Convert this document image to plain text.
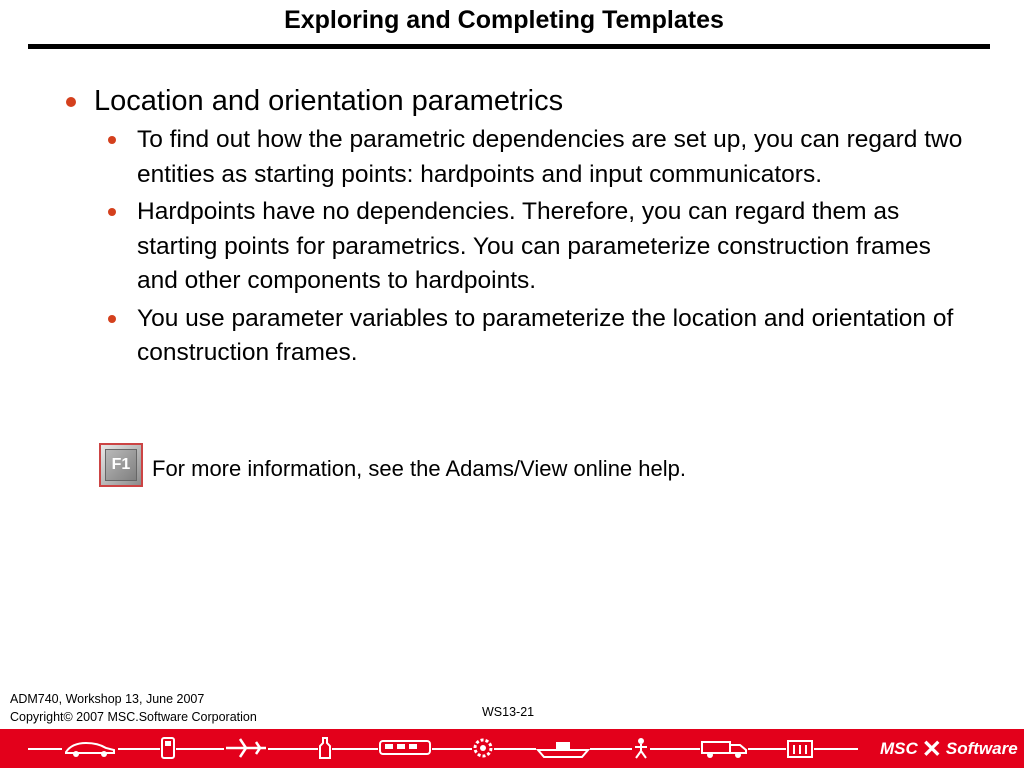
Exploring and Completing Templates
Location and orientation parametrics
To find out how the parametric dependencies are set up, you can regard two entities as starting points: hardpoints and input communicators.
Hardpoints have no dependencies. Therefore, you can regard them as starting points for parametrics. You can parameterize construction frames and other components to hardpoints.
You use parameter variables to parameterize the location and orientation of construction frames.
F1 For more information, see the Adams/View online help.
ADM740, Workshop 13, June 2007
Copyright© 2007 MSC.Software Corporation	WS13-21
MSC ✕ Software
